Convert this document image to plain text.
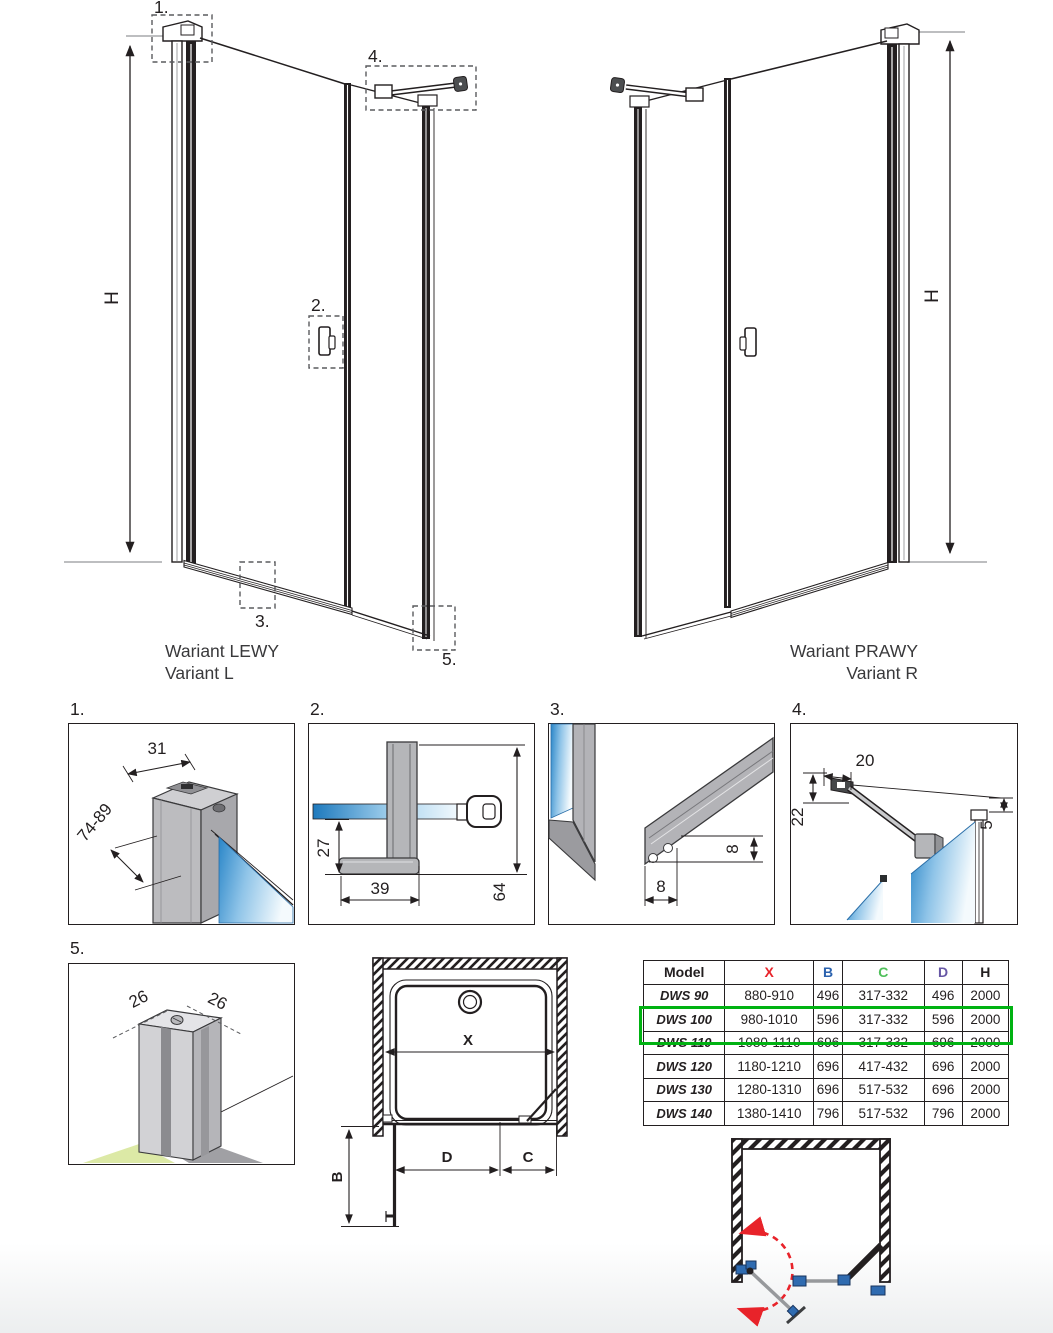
H
1.
2.
3.
4.
5.
Wariant LEWY
Variant L
H
Wariant PRAWY
Variant R
1.
31
74-89
2.
27
39	64
3.
8
8
4.
20
22	5
5.
26	26
X
B
D	C
Model	X	B	C	D	H
DWS 90	880-910	496	317-332	496	2000
DWS 100	980-1010	596	317-332	596	2000
DWS 110	1080-1110	696	317-332	696	2000
DWS 120	1180-1210	696	417-432	696	2000
DWS 130	1280-1310	696	517-532	696	2000
DWS 140	1380-1410	796	517-532	796	2000
